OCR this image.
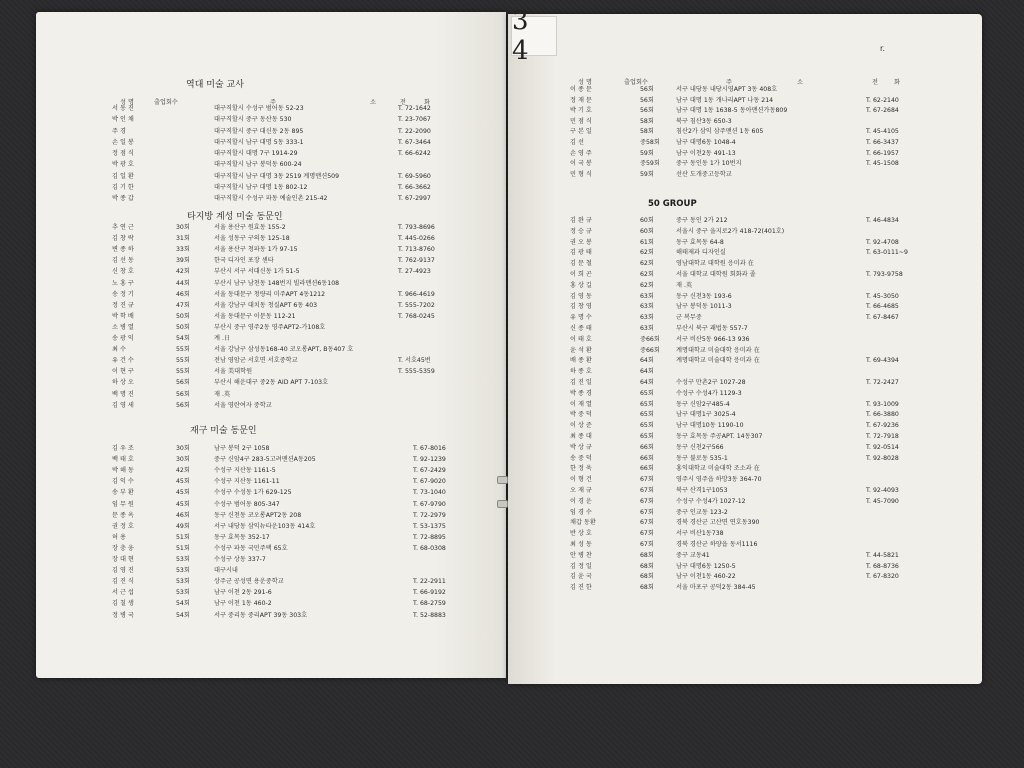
3 4	r.
역대 미술 교사
성 명	출업회수	주	소	전	화
서 동 진	대구직할시 수성구 범어동 52-23	T. 72-1642
박 인 채	대구직할시 중구 동산동 530	T. 23-7067
주 경	대구직할시 중구 대신동 2동 895	T. 22-2090
손 일 봉	대구직할시 남구 대명 5동 333-1	T. 67-3464
정 점 식	대구직할시 대명 7구 1914-29	T. 66-6242
박 광 호	대구직할시 남구 봉덕동 600-24
김 일 환	대구직할시 남구 대명 3동 2519 계명맨션509	T. 69-5960
김 기 한	대구직할시 남구 대명 1동 802-12	T. 66-3662
박 종 갑	대구직할시 수성구 파동 예술인촌 215-42	T. 67-2997
타지방 계성 미술 동문인
추 연 근	30회	서울 용산구 원효동 155-2	T. 793-8696
김 창 락	31회	서울 성동구 구의동 125-18	T. 445-0266
변 종 하	33회	서울 용산구 청파동 1가 97-15	T. 713-8760
김 선 동	39회	한국 디자인 포장 센타	T. 762-9137
신 창 호	42회	부산시 서구 서대신동 1가 51-5	T. 27-4923
노 홍 구	44회	부산시 남구 남천동 148번지 빌라맨션6동108
송 정 기	46회	서울 동대문구 청량리 미주APT 4동1212	T. 966-4619
정 진 규	47회	서울 강남구 대치동 청실APT 6동 403	T. 555-7202
박 학 배	50회	서울 동대문구 이문동 112-21	T. 768-0245
소 병 열	50회	부산시 중구 영주2동 영주APT2-가108호
송 광 익	54회	계 .日
최 수	55회	서울 강남구 삼성동168-40 코오롱APT, B동407 호
유 건 수	55회	전남 영암군 서호면 서호중학교	T. 서호45번
이 현 구	55회	서울 美대학원	T. 555-5359
하 상 오	56회	부산시 해운대구 중2동 AID APT 7-103호
백 명 진	56회	재 .英
김 영 세	56회	서울 영란여자 중학교
재구 미술 동문인
김 우 조	30회	남구 봉덕 2구 1058	T. 67-8016
백 태 호	30회	중구 신암4구 283-5고려맨션A동205	T. 92-1239
박 해 동	42회	수성구 지산동 1161-5	T. 67-2429
김 익 수	45회	수성구 지산동 1161-11	T. 67-9020
송 부 환	45회	수성구 수성동 1가 629-125	T. 73-1040
임 무 원	45회	수성구 범어동 805-347	T. 67-9790
문 종 옥	46회	동구 신천동 코오롱APT2동 208	T. 72-2979
권 정 호	49회	서구 내당동 삼익뉴타운103동 414호	T. 53-1375
허 용	51회	동구 효목동 352-17	T. 72-8895
장 충 웅	51회	수성구 파동 국민주택 65호	T. 68-0308
장 대 현	53회	수성구 상동 337-7
김 영 진	53회	대구시내
김 진 식	53회	상주군 공성면 용운중학교	T. 22-2911
서 근 섭	53회	남구 이천 2동 291-6	T. 66-9192
김 칠 생	54회	남구 이천 1동 460-2	T. 68-2759
정 병 국	54회	서구 중리동 중리APT 39동 303호	T. 52-8883
성 명	출업회수	주	소	전	화
이 종 문	56회	서구 내당동 내당시영APT 3동 408호
정 재 문	56회	남구 대명 1동 개나리APT 나동 214	T. 62-2140
박 기 호	56회	남구 대명 1동 1638-5 동아맨션가동809	T. 67-2684
민 점 식	58회	북구 침산3동 650-3
구 본 일	58회	침산2가 삼익 삼주맨션 1동 605	T. 45-4105
김 선	중58회	남구 대명6동 1048-4	T. 66-3437
손 영 주	59회	남구 이천2동 491-13	T. 66-1957
이 국 봉	중59회	중구 동인동 1가 10번지	T. 45-1508
민 형 식	59회	선산 도개중고등학교
50 GROUP
김 완 규	60회	중구 동인 2가 212	T. 46-4834
정 승 규	60회	서울시 중구 을지로2가 418-72(401호)
권 오 봉	61회	동구 효목동 64-8	T. 92-4708
김 광 태	62회	해태제과 디자인실	T. 63-0111~9
김 문 철	62회	영남대학교 대학원 응미과 在
이 희 곤	62회	서울 대학교 대학원 회화과 졸	T. 793-9758
홍 상 길	62회	재 .英
김 영 동	63회	동구 신천3동 193-6	T. 45-3050
김 창 영	63회	남구 봉덕동 1011-3	T. 66-4685
유 명 수	63회	군 복무중	T. 67-8467
신 종 태	63회	부산시 북구 괘법동 557-7
이 태 호	중66회	서구 비산5동 966-13 936
윤 석 환	중66회	계명대학교 미술대학 응미과 在
배 종 환	64회	계명대학교 미술대학 응미과 在	T. 69-4394
하 종 호	64회
김 진 일	64회	수성구 만촌2구 1027-28	T. 72-2427
박 종 경	65회	수성구 수성4가 1129-3
이 재 열	65회	동구 신암2구485-4	T. 93-1009
박 중 덕	65회	남구 대명1구 3025-4	T. 66-3880
이 상 준	65회	남구 대명10동 1190-10	T. 67-9236
최 종 대	65회	동구 효목동 주공APT. 14동307	T. 72-7918
박 상 규	66회	동구 신천2구566	T. 92-0514
송 중 덕	66회	동구 불로동 535-1	T. 92-8028
한 정 욱	66회	홍익대학교 미술대학 조소과 在
이 형 건	67회	영주시 영주읍 하망3동 364-70
오 재 규	67회	북구 산격1구1053	T. 92-4093
이 경 운	67회	수성구 수성4가 1027-12	T. 45-7090
임 경 수	67회	중구 인교동 123-2
채갑 동환	67회	경북 경산군 고산면 연호동390
반 상 호	67회	서구 비산1동738
최 성 동	67회	경북 경산군 하양읍 동서1116
안 병 찬	68회	중구 교동41	T. 44-5821
김 정 일	68회	남구 대명6동 1250-5	T. 68-8736
김 윤 국	68회	남구 이천1동 460-22	T. 67-8320
김 진 한	68회	서울 마포구 공덕2동 384-45
